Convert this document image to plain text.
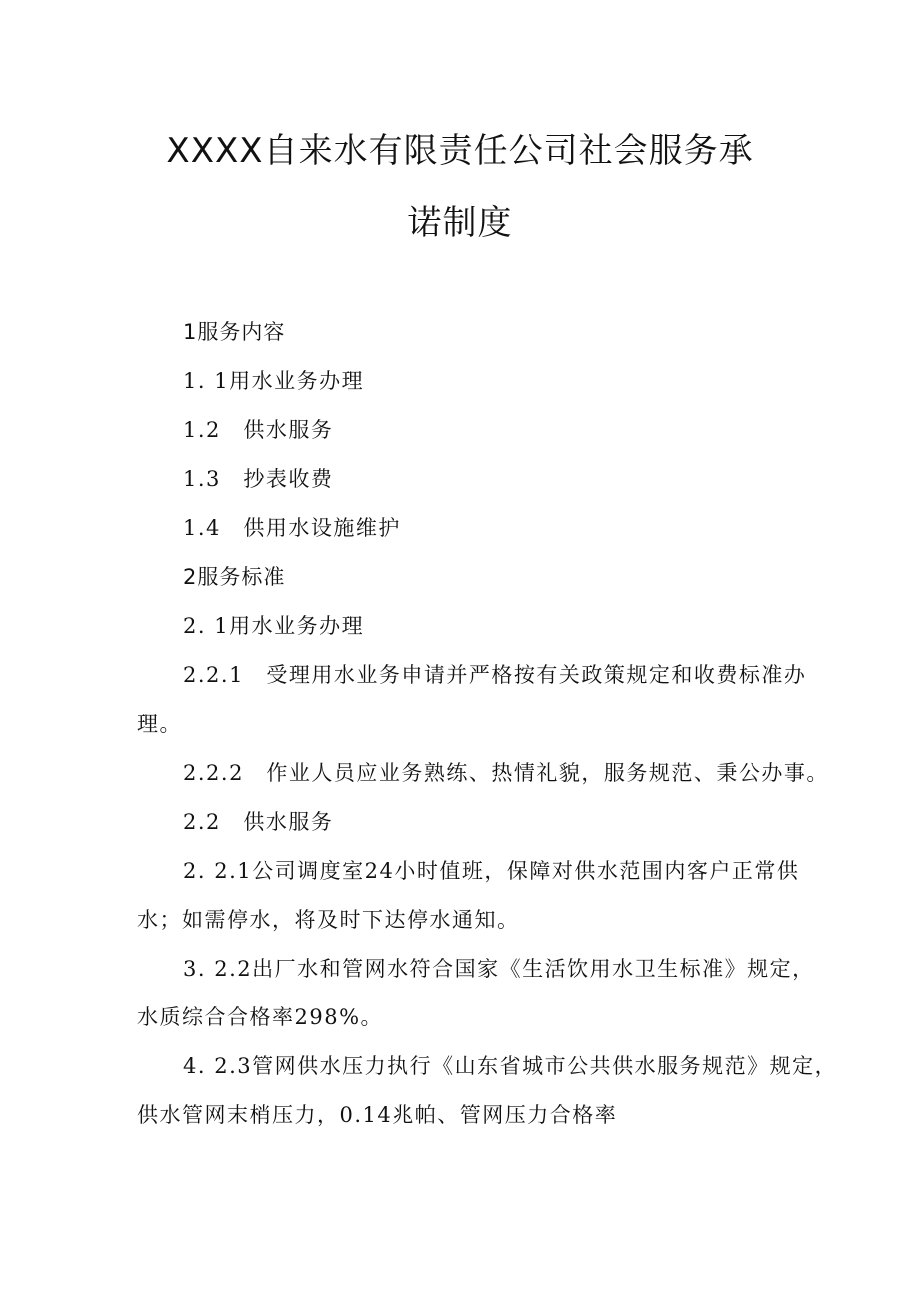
XXXX自来水有限责任公司社会服务承
诺制度
1服务内容
1. 1用水业务办理
1.2　供水服务
1.3　抄表收费
1.4　供用水设施维护
2服务标准
2. 1用水业务办理
2.2.1　受理用水业务申请并严格按有关政策规定和收费标准办
理。
2.2.2　作业人员应业务熟练、热情礼貌，服务规范、秉公办事。
2.2　供水服务
2. 2.1公司调度室24小时值班，保障对供水范围内客户正常供
水；如需停水，将及时下达停水通知。
3. 2.2出厂水和管网水符合国家《生活饮用水卫生标准》规定，
水质综合合格率298%。
4. 2.3管网供水压力执行《山东省城市公共供水服务规范》规定，
供水管网末梢压力，0.14兆帕、管网压力合格率
